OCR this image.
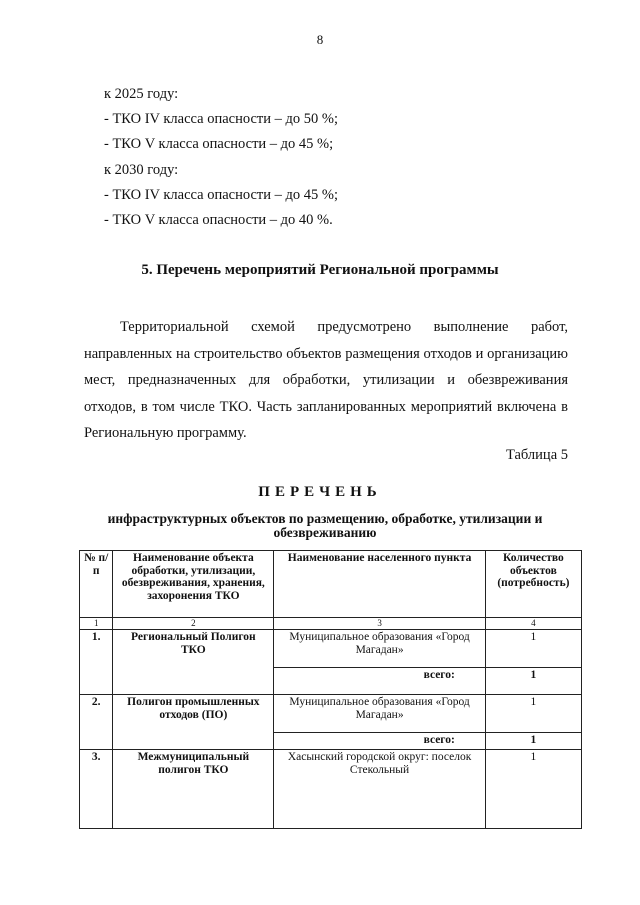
8
к 2025 году:
- ТКО IV класса опасности – до 50 %;
- ТКО V класса опасности – до 45 %;
к 2030 году:
- ТКО IV класса опасности – до 45 %;
- ТКО V класса опасности – до 40 %.
5. Перечень мероприятий Региональной программы

Территориальной схемой предусмотрено выполнение работ, направленных на строительство объектов размещения отходов и организацию мест, предназначенных для обработки, утилизации и обезвреживания отходов, в том числе ТКО. Часть запланированных мероприятий включена в Региональную программу.

Таблица 5
ПЕРЕЧЕНЬ
инфраструктурных объектов по размещению, обработке, утилизации и обезвреживанию
№ п/п	Наименование объекта обработки, утилизации, обезвреживания, хранения, захоронения ТКО	Наименование населенного пункта	Количество объектов (потребность)
1	2	3	4
1.	Региональный Полигон ТКО	Муниципальное образования «Город Магадан»	1
		всего:	1
2.	Полигон промышленных отходов (ПО)	Муниципальное образования «Город Магадан»	1
		всего:	1
3.	Межмуниципальный полигон ТКО	Хасынский городской округ: поселок Стекольный	1
